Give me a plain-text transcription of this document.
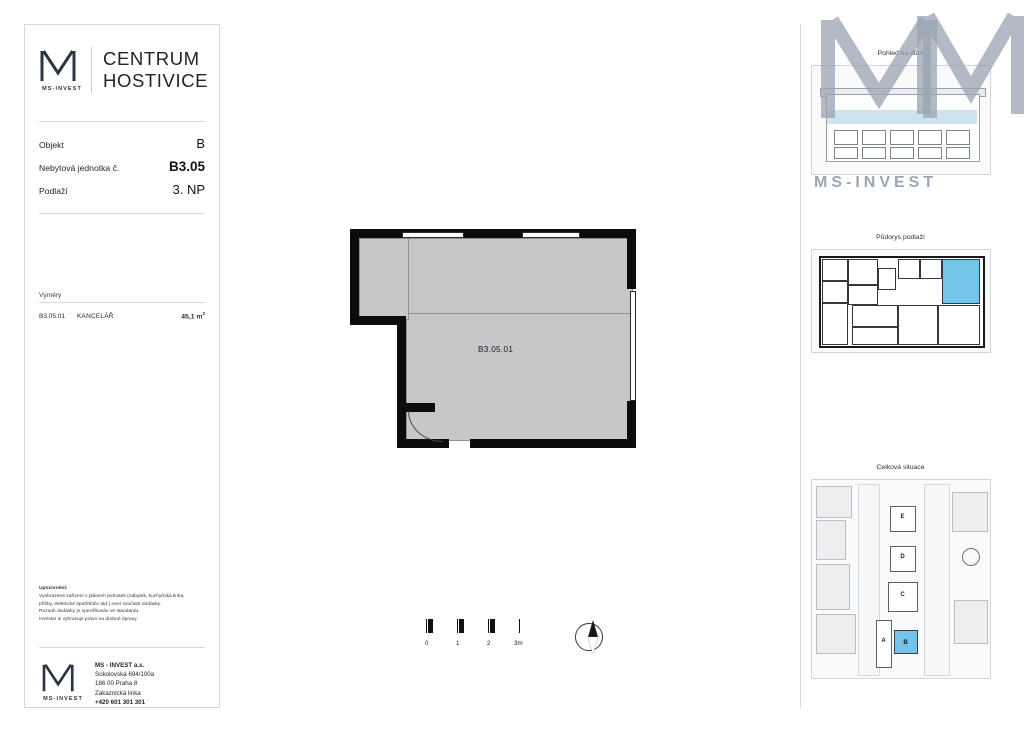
MS-INVEST
CENTRUM
HOSTIVICE
Objekt	B
Nebytová jednotka č.	B3.05
Podlaží	3. NP
Výměry
B3.05.01	KANCELÁŘ	45,1 $m^2$
Upozornění:
Vyobrazené zařízení v plánech jednotek (nábytek, kuchyňská linka,
příčky, elektrické spotřebiče atd.) není součástí dodávky.
Rozsah dodávky je specifikován ve standardu.
Investor si vyhrazuje právo na drobné úpravy.
MS-INVEST
MS - INVEST a.s.
Sokolovská 694/100a
186 00 Praha 8
Zákaznická linka
+420 601 301 301
B3.05.01
0	1	2	3m
Pohled na dům
Půdorys podlaží
Celková situace
E
D
C
A	B
MS-INVEST
